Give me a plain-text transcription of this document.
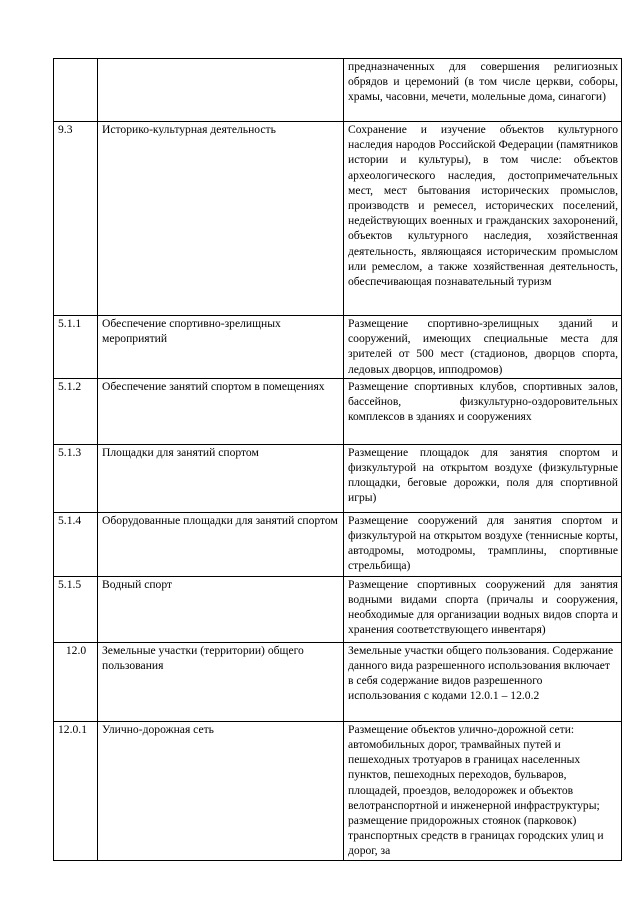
		предназначенных для совершения религиозных обрядов и церемоний (в том числе церкви, соборы, храмы, часовни, мечети, молельные дома, синагоги)
9.3	Историко-культурная деятельность	Сохранение и изучение объектов культурного наследия народов Российской Федерации (памятников истории и культуры), в том числе: объектов археологического наследия, достопримечательных мест, мест бытования исторических промыслов, производств и ремесел, исторических поселений, недействующих военных и гражданских захоронений, объектов культурного наследия, хозяйственная деятельность, являющаяся историческим промыслом или ремеслом, а также хозяйственная деятельность, обеспечивающая познавательный туризм
5.1.1	Обеспечение спортивно-зрелищных мероприятий	Размещение спортивно-зрелищных зданий и сооружений, имеющих специальные места для зрителей от 500 мест (стадионов, дворцов спорта, ледовых дворцов, ипподромов)
5.1.2	Обеспечение занятий спортом в помещениях	Размещение спортивных клубов, спортивных залов, бассейнов, физкультурно-оздоровительных комплексов в зданиях и сооружениях
5.1.3	Площадки для занятий спортом	Размещение площадок для занятия спортом и физкультурой на открытом воздухе (физкультурные площадки, беговые дорожки, поля для спортивной игры)
5.1.4	Оборудованные площадки для занятий спортом	Размещение сооружений для занятия спортом и физкультурой на открытом воздухе (теннисные корты, автодромы, мотодромы, трамплины, спортивные стрельбища)
5.1.5	Водный спорт	Размещение спортивных сооружений для занятия водными видами спорта (причалы и сооружения, необходимые для организации водных видов спорта и хранения соответствующего инвентаря)
12.0	Земельные участки (территории) общего пользования	Земельные участки общего пользования. Содержание данного вида разрешенного использования включает в себя содержание видов разрешенного использования с кодами 12.0.1 – 12.0.2
12.0.1	Улично-дорожная сеть	Размещение объектов улично-дорожной сети: автомобильных дорог, трамвайных путей и пешеходных тротуаров в границах населенных пунктов, пешеходных переходов, бульваров, площадей, проездов, велодорожек и объектов велотранспортной и инженерной инфраструктуры; размещение придорожных стоянок (парковок) транспортных средств в границах городских улиц и дорог, за
